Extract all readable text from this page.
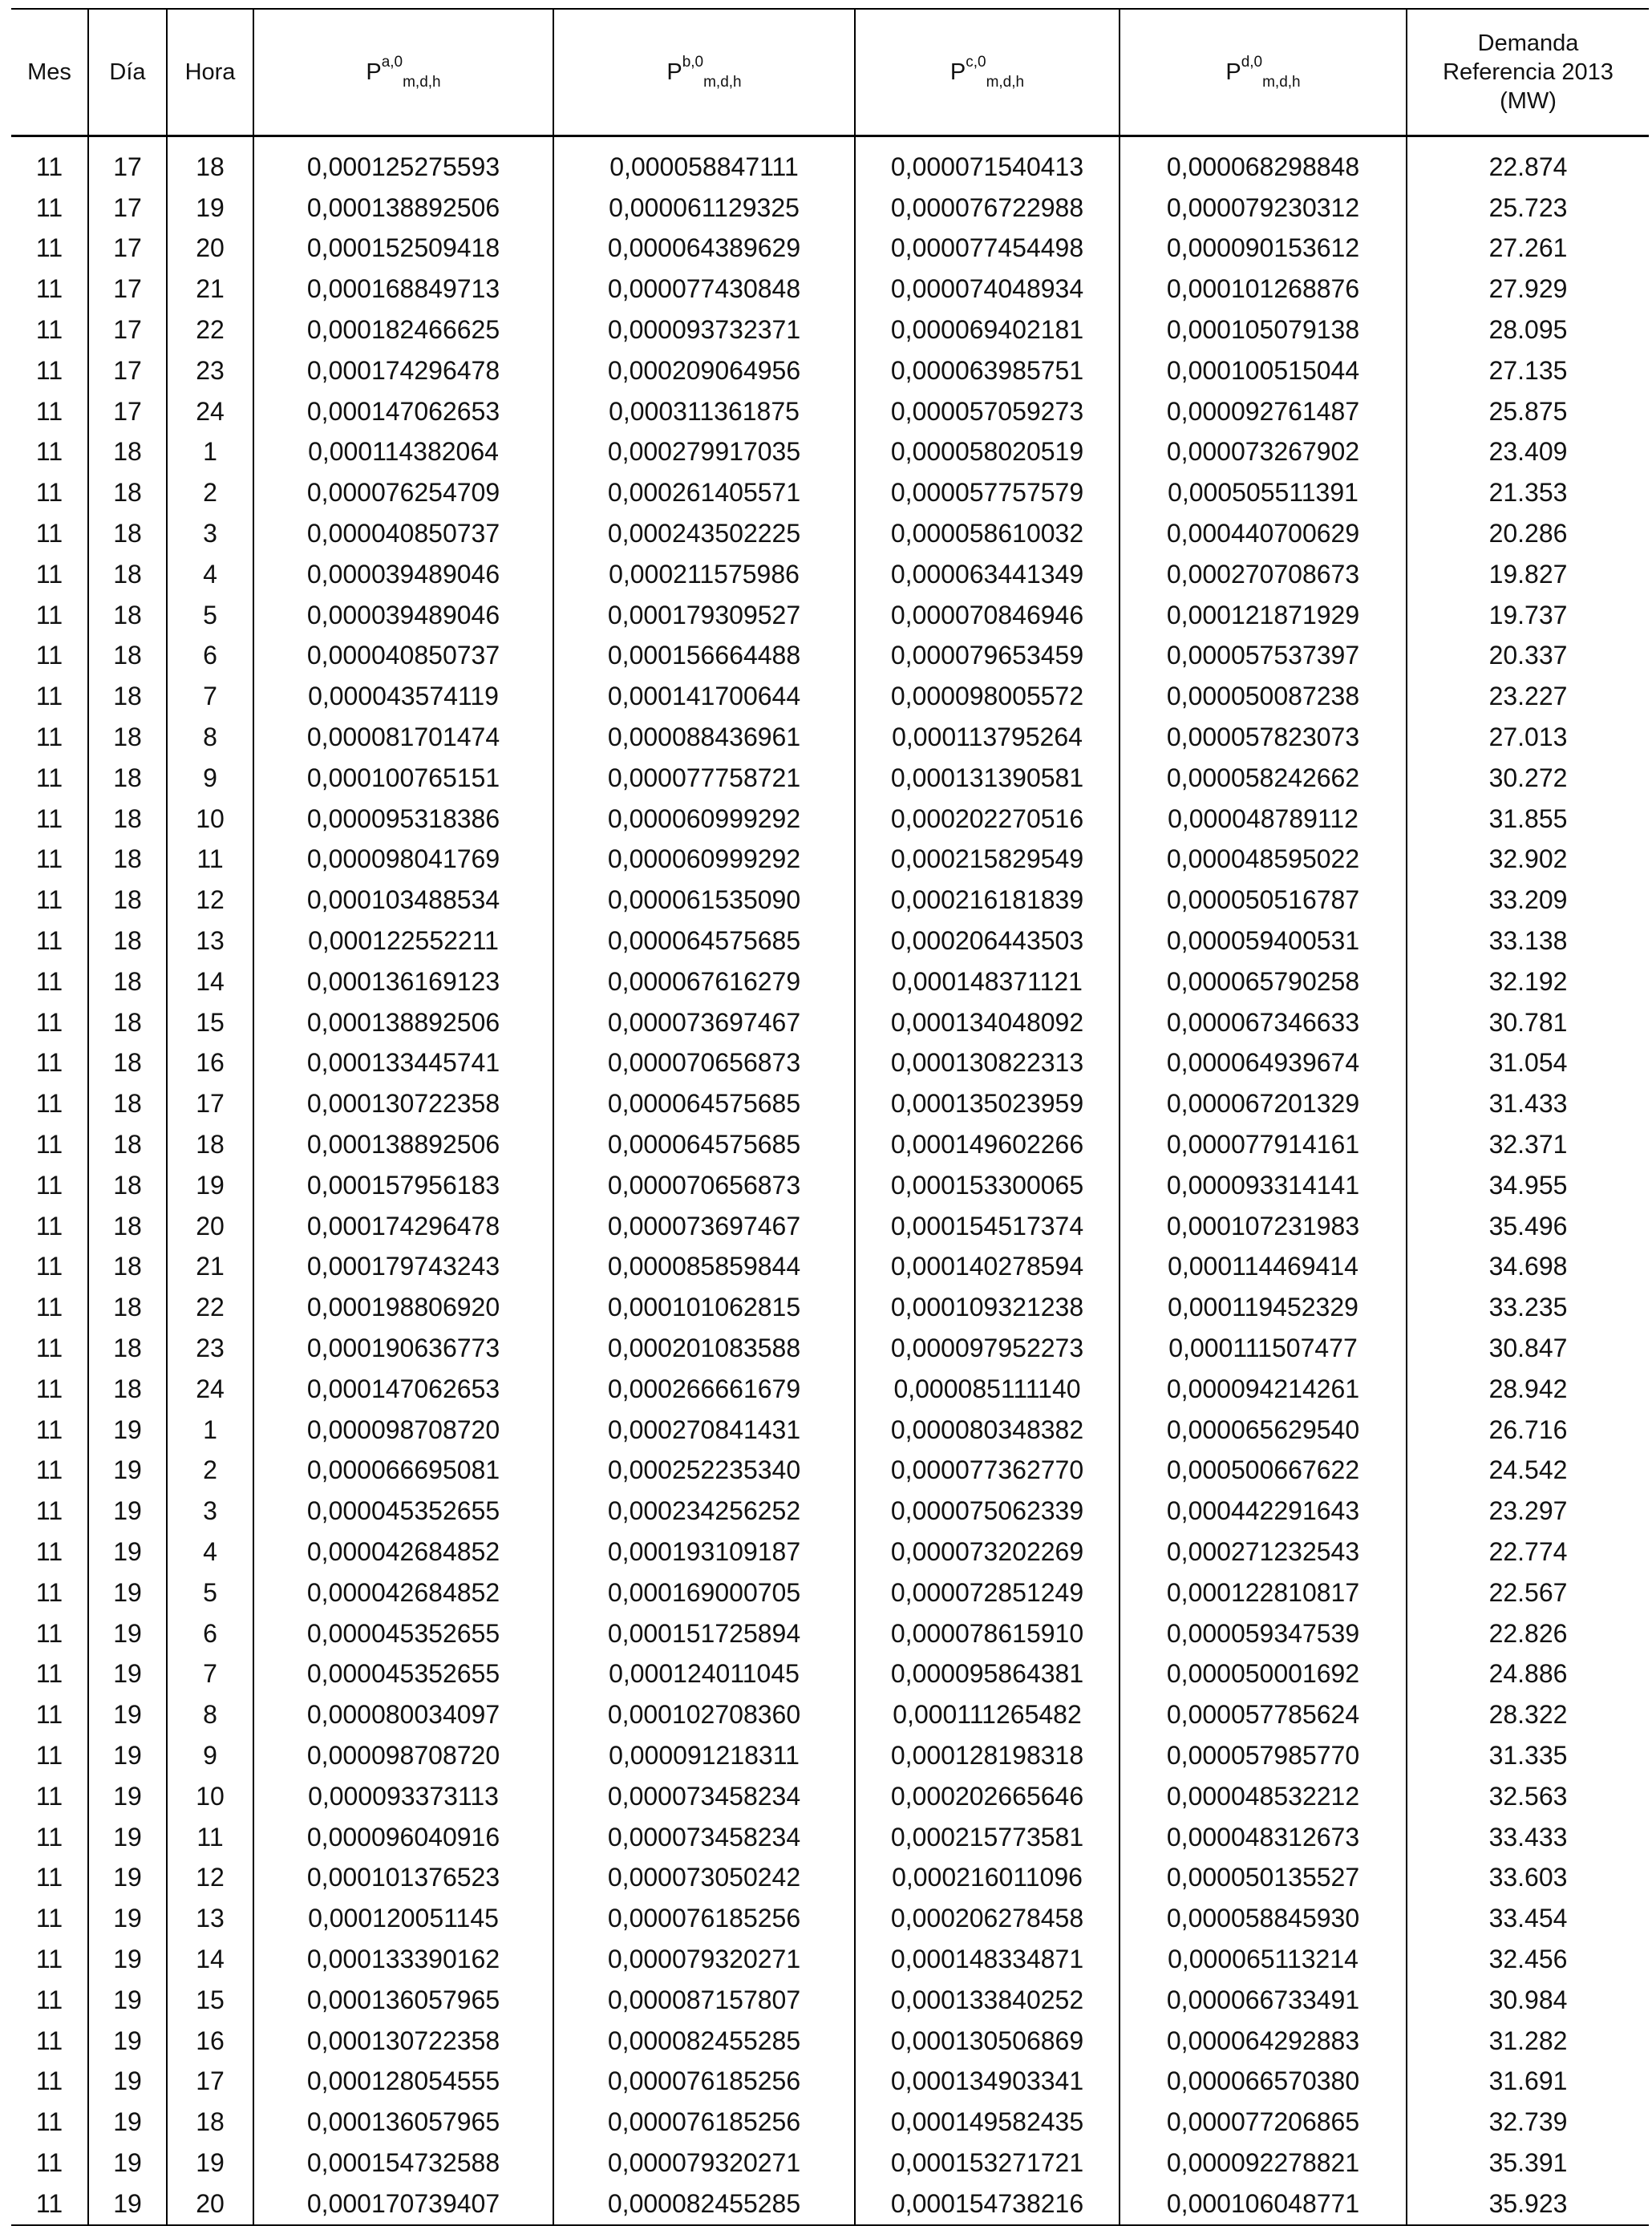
Mes	Día	Hora	P$^{a,0}_{m,d,h}$	P$^{b,0}_{m,d,h}$	P$^{c,0}_{m,d,h}$	P$^{d,0}_{m,d,h}$	Demanda
Referencia 2013
(MW)

11	17	18	0,000125275593	0,000058847111	0,000071540413	0,000068298848	22.874
11	17	19	0,000138892506	0,000061129325	0,000076722988	0,000079230312	25.723
11	17	20	0,000152509418	0,000064389629	0,000077454498	0,000090153612	27.261
11	17	21	0,000168849713	0,000077430848	0,000074048934	0,000101268876	27.929
11	17	22	0,000182466625	0,000093732371	0,000069402181	0,000105079138	28.095
11	17	23	0,000174296478	0,000209064956	0,000063985751	0,000100515044	27.135
11	17	24	0,000147062653	0,000311361875	0,000057059273	0,000092761487	25.875
11	18	1	0,000114382064	0,000279917035	0,000058020519	0,000073267902	23.409
11	18	2	0,000076254709	0,000261405571	0,000057757579	0,000505511391	21.353
11	18	3	0,000040850737	0,000243502225	0,000058610032	0,000440700629	20.286
11	18	4	0,000039489046	0,000211575986	0,000063441349	0,000270708673	19.827
11	18	5	0,000039489046	0,000179309527	0,000070846946	0,000121871929	19.737
11	18	6	0,000040850737	0,000156664488	0,000079653459	0,000057537397	20.337
11	18	7	0,000043574119	0,000141700644	0,000098005572	0,000050087238	23.227
11	18	8	0,000081701474	0,000088436961	0,000113795264	0,000057823073	27.013
11	18	9	0,000100765151	0,000077758721	0,000131390581	0,000058242662	30.272
11	18	10	0,000095318386	0,000060999292	0,000202270516	0,000048789112	31.855
11	18	11	0,000098041769	0,000060999292	0,000215829549	0,000048595022	32.902
11	18	12	0,000103488534	0,000061535090	0,000216181839	0,000050516787	33.209
11	18	13	0,000122552211	0,000064575685	0,000206443503	0,000059400531	33.138
11	18	14	0,000136169123	0,000067616279	0,000148371121	0,000065790258	32.192
11	18	15	0,000138892506	0,000073697467	0,000134048092	0,000067346633	30.781
11	18	16	0,000133445741	0,000070656873	0,000130822313	0,000064939674	31.054
11	18	17	0,000130722358	0,000064575685	0,000135023959	0,000067201329	31.433
11	18	18	0,000138892506	0,000064575685	0,000149602266	0,000077914161	32.371
11	18	19	0,000157956183	0,000070656873	0,000153300065	0,000093314141	34.955
11	18	20	0,000174296478	0,000073697467	0,000154517374	0,000107231983	35.496
11	18	21	0,000179743243	0,000085859844	0,000140278594	0,000114469414	34.698
11	18	22	0,000198806920	0,000101062815	0,000109321238	0,000119452329	33.235
11	18	23	0,000190636773	0,000201083588	0,000097952273	0,000111507477	30.847
11	18	24	0,000147062653	0,000266661679	0,000085111140	0,000094214261	28.942
11	19	1	0,000098708720	0,000270841431	0,000080348382	0,000065629540	26.716
11	19	2	0,000066695081	0,000252235340	0,000077362770	0,000500667622	24.542
11	19	3	0,000045352655	0,000234256252	0,000075062339	0,000442291643	23.297
11	19	4	0,000042684852	0,000193109187	0,000073202269	0,000271232543	22.774
11	19	5	0,000042684852	0,000169000705	0,000072851249	0,000122810817	22.567
11	19	6	0,000045352655	0,000151725894	0,000078615910	0,000059347539	22.826
11	19	7	0,000045352655	0,000124011045	0,000095864381	0,000050001692	24.886
11	19	8	0,000080034097	0,000102708360	0,000111265482	0,000057785624	28.322
11	19	9	0,000098708720	0,000091218311	0,000128198318	0,000057985770	31.335
11	19	10	0,000093373113	0,000073458234	0,000202665646	0,000048532212	32.563
11	19	11	0,000096040916	0,000073458234	0,000215773581	0,000048312673	33.433
11	19	12	0,000101376523	0,000073050242	0,000216011096	0,000050135527	33.603
11	19	13	0,000120051145	0,000076185256	0,000206278458	0,000058845930	33.454
11	19	14	0,000133390162	0,000079320271	0,000148334871	0,000065113214	32.456
11	19	15	0,000136057965	0,000087157807	0,000133840252	0,000066733491	30.984
11	19	16	0,000130722358	0,000082455285	0,000130506869	0,000064292883	31.282
11	19	17	0,000128054555	0,000076185256	0,000134903341	0,000066570380	31.691
11	19	18	0,000136057965	0,000076185256	0,000149582435	0,000077206865	32.739
11	19	19	0,000154732588	0,000079320271	0,000153271721	0,000092278821	35.391
11	19	20	0,000170739407	0,000082455285	0,000154738216	0,000106048771	35.923
